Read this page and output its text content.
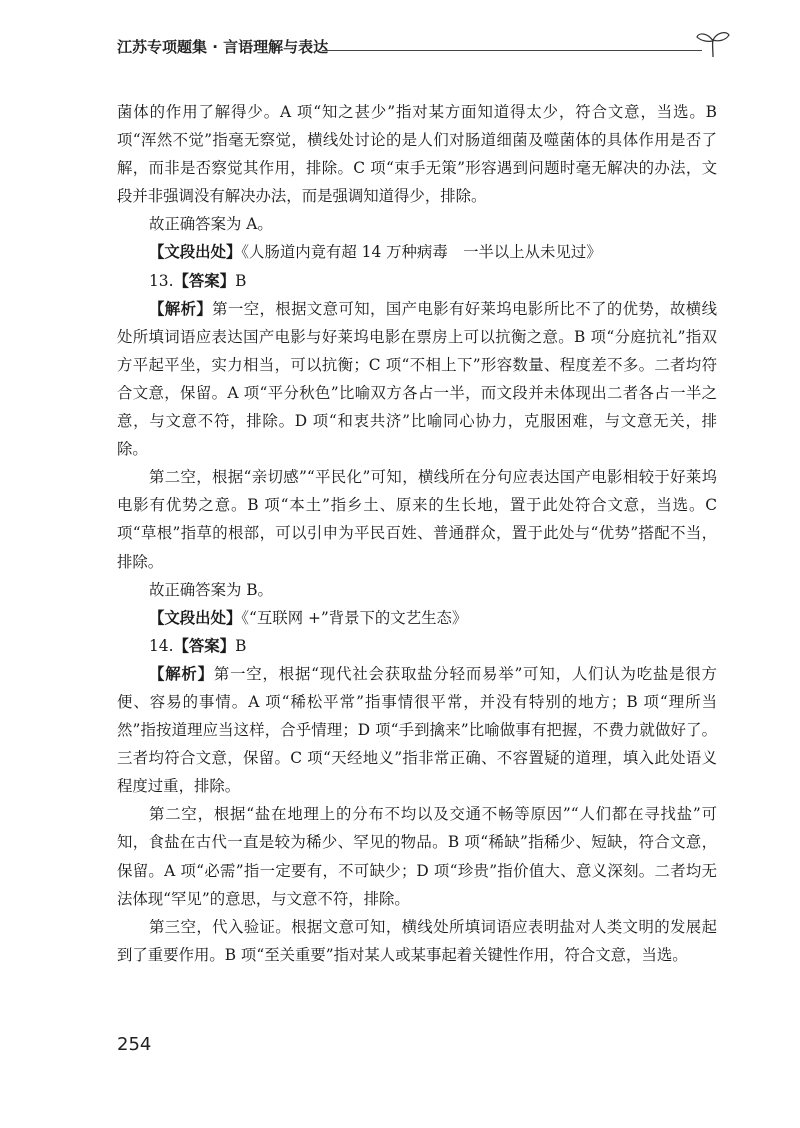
江苏专项题集 · 言语理解与表达

菌体的作用了解得少。A 项“知之甚少”指对某方面知道得太少，符合文意，当选。B 项“浑然不觉”指毫无察觉，横线处讨论的是人们对肠道细菌及噬菌体的具体作用是否了解，而非是否察觉其作用，排除。C 项“束手无策”形容遇到问题时毫无解决的办法，文段并非强调没有解决办法，而是强调知道得少，排除。

故正确答案为 A。

【文段出处】《人肠道内竟有超 14 万种病毒　一半以上从未见过》

13.【答案】B

【解析】第一空，根据文意可知，国产电影有好莱坞电影所比不了的优势，故横线处所填词语应表达国产电影与好莱坞电影在票房上可以抗衡之意。B 项“分庭抗礼”指双方平起平坐，实力相当，可以抗衡；C 项“不相上下”形容数量、程度差不多。二者均符合文意，保留。A 项“平分秋色”比喻双方各占一半，而文段并未体现出二者各占一半之意，与文意不符，排除。D 项“和衷共济”比喻同心协力，克服困难，与文意无关，排除。

第二空，根据“亲切感”“平民化”可知，横线所在分句应表达国产电影相较于好莱坞电影有优势之意。B 项“本土”指乡土、原来的生长地，置于此处符合文意，当选。C 项“草根”指草的根部，可以引申为平民百姓、普通群众，置于此处与“优势”搭配不当，排除。

故正确答案为 B。

【文段出处】《“互联网 +”背景下的文艺生态》

14.【答案】B

【解析】第一空，根据“现代社会获取盐分轻而易举”可知，人们认为吃盐是很方便、容易的事情。A 项“稀松平常”指事情很平常，并没有特别的地方；B 项“理所当然”指按道理应当这样，合乎情理；D 项“手到擒来”比喻做事有把握，不费力就做好了。三者均符合文意，保留。C 项“天经地义”指非常正确、不容置疑的道理，填入此处语义程度过重，排除。

第二空，根据“盐在地理上的分布不均以及交通不畅等原因”“人们都在寻找盐”可知，食盐在古代一直是较为稀少、罕见的物品。B 项“稀缺”指稀少、短缺，符合文意，保留。A 项“必需”指一定要有，不可缺少；D 项“珍贵”指价值大、意义深刻。二者均无法体现“罕见”的意思，与文意不符，排除。

第三空，代入验证。根据文意可知，横线处所填词语应表明盐对人类文明的发展起到了重要作用。B 项“至关重要”指对某人或某事起着关键性作用，符合文意，当选。

254
